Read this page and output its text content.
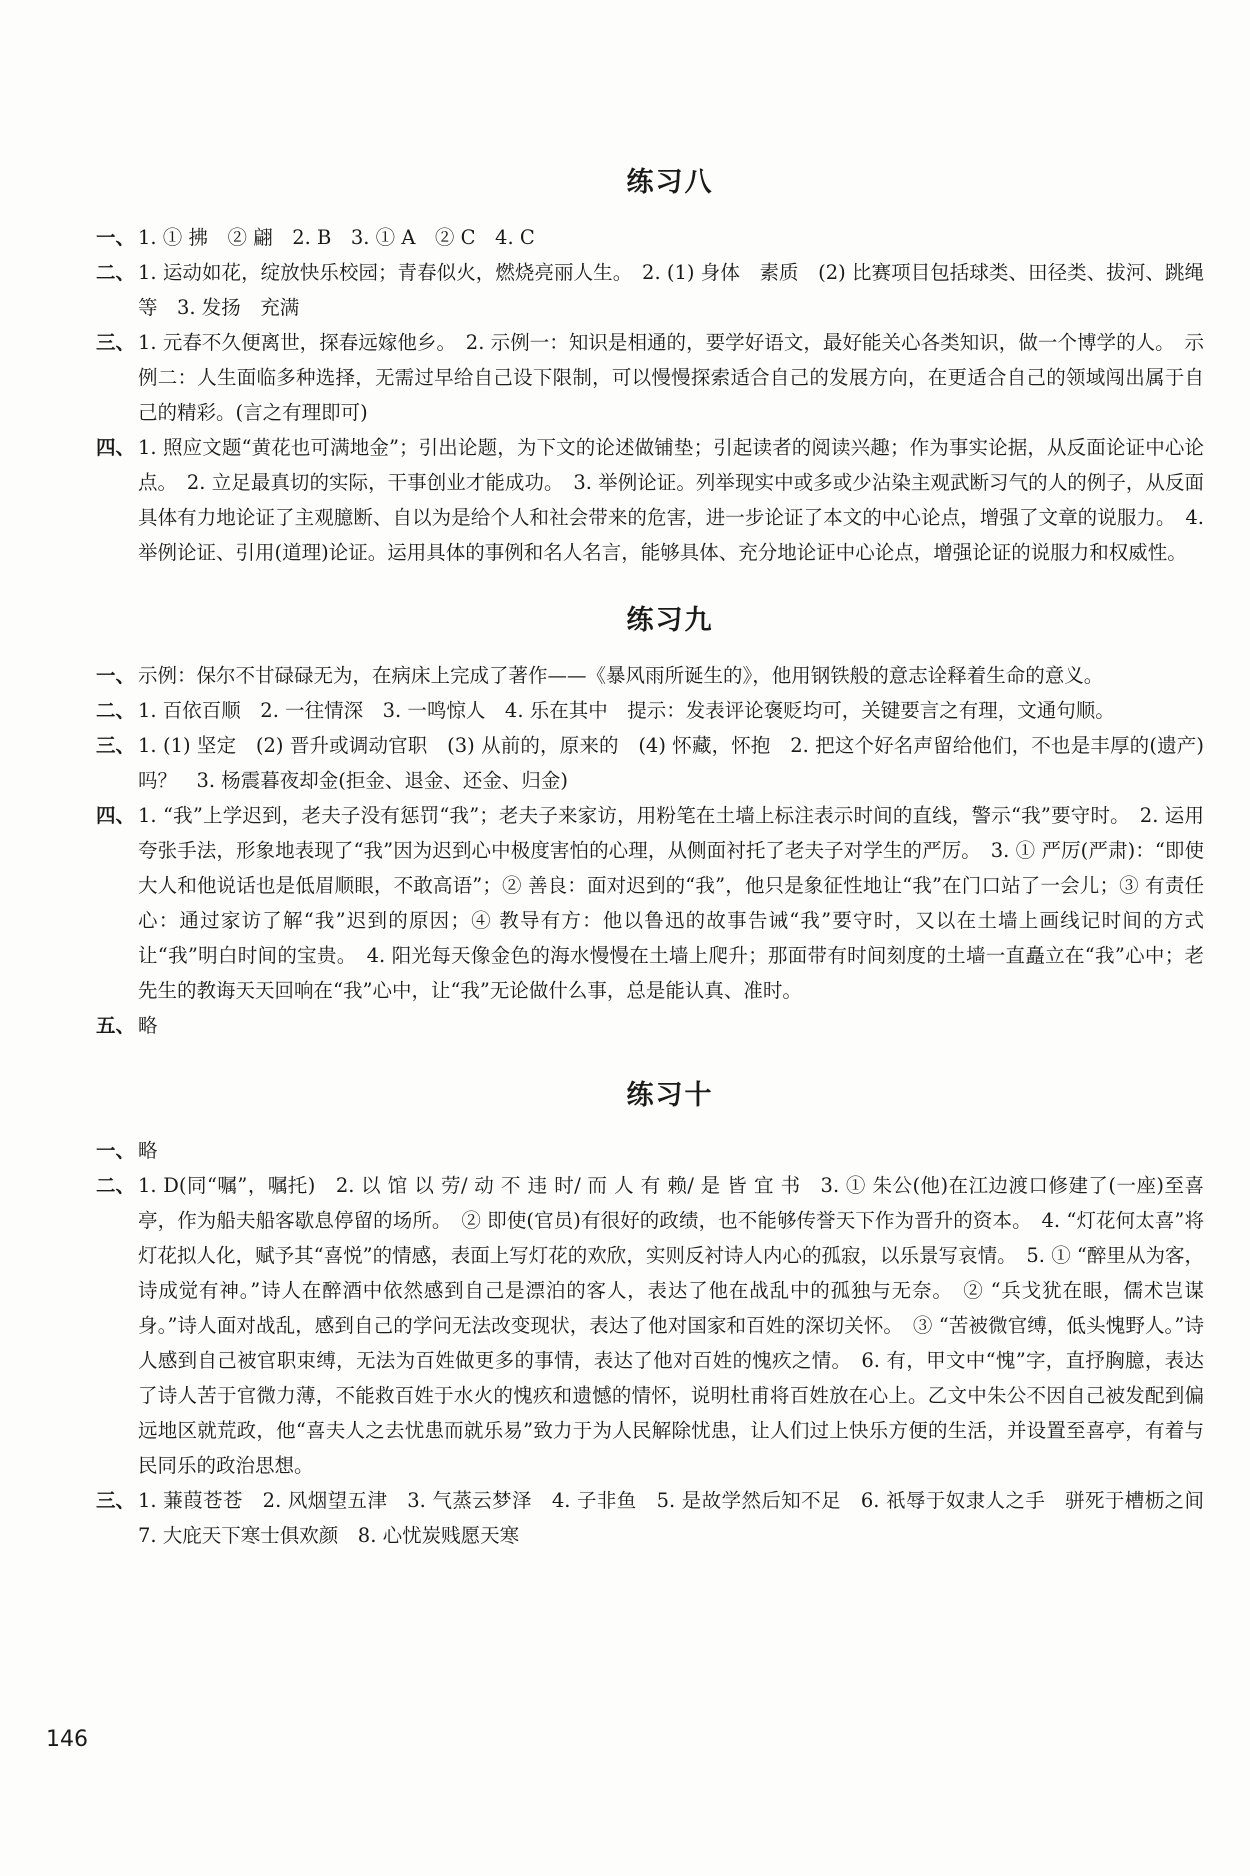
练习八

一、 1. ① 拂　② 翩　2. B　3. ① A　② C　4. C

二、 1. 运动如花，绽放快乐校园；青春似火，燃烧亮丽人生。　2. (1) 身体　素质　(2) 比赛项目包括球类、田径类、拔河、跳绳等　3. 发扬　充满

三、 1. 元春不久便离世，探春远嫁他乡。　2. 示例一：知识是相通的，要学好语文，最好能关心各类知识，做一个博学的人。　示例二：人生面临多种选择，无需过早给自己设下限制，可以慢慢探索适合自己的发展方向，在更适合自己的领域闯出属于自己的精彩。(言之有理即可)

四、 1. 照应文题“黄花也可满地金”；引出论题，为下文的论述做铺垫；引起读者的阅读兴趣；作为事实论据，从反面论证中心论点。　2. 立足最真切的实际，干事创业才能成功。　3. 举例论证。列举现实中或多或少沾染主观武断习气的人的例子，从反面具体有力地论证了主观臆断、自以为是给个人和社会带来的危害，进一步论证了本文的中心论点，增强了文章的说服力。　4. 举例论证、引用(道理)论证。运用具体的事例和名人名言，能够具体、充分地论证中心论点，增强论证的说服力和权威性。

练习九

一、 示例：保尔不甘碌碌无为，在病床上完成了著作——《暴风雨所诞生的》，他用钢铁般的意志诠释着生命的意义。

二、 1. 百依百顺　2. 一往情深　3. 一鸣惊人　4. 乐在其中　提示：发表评论褒贬均可，关键要言之有理，文通句顺。

三、 1. (1) 坚定　(2) 晋升或调动官职　(3) 从前的，原来的　(4) 怀藏，怀抱　2. 把这个好名声留给他们，不也是丰厚的(遗产)吗？　3. 杨震暮夜却金(拒金、退金、还金、归金)

四、 1. “我”上学迟到，老夫子没有惩罚“我”；老夫子来家访，用粉笔在土墙上标注表示时间的直线，警示“我”要守时。　2. 运用夸张手法，形象地表现了“我”因为迟到心中极度害怕的心理，从侧面衬托了老夫子对学生的严厉。　3. ① 严厉(严肃)：“即使大人和他说话也是低眉顺眼，不敢高语”；② 善良：面对迟到的“我”，他只是象征性地让“我”在门口站了一会儿；③ 有责任心：通过家访了解“我”迟到的原因；④ 教导有方：他以鲁迅的故事告诫“我”要守时，又以在土墙上画线记时间的方式让“我”明白时间的宝贵。　4. 阳光每天像金色的海水慢慢在土墙上爬升；那面带有时间刻度的土墙一直矗立在“我”心中；老先生的教诲天天回响在“我”心中，让“我”无论做什么事，总是能认真、准时。

五、 略

练习十

一、 略

二、 1. D(同“嘱”，嘱托)　2. 以 馆 以 劳/ 动 不 违 时/ 而 人 有 赖/ 是 皆 宜 书　3. ① 朱公(他)在江边渡口修建了(一座)至喜亭，作为船夫船客歇息停留的场所。　② 即使(官员)有很好的政绩，也不能够传誉天下作为晋升的资本。　4. “灯花何太喜”将灯花拟人化，赋予其“喜悦”的情感，表面上写灯花的欢欣，实则反衬诗人内心的孤寂，以乐景写哀情。　5. ① “醉里从为客，诗成觉有神。”诗人在醉酒中依然感到自己是漂泊的客人，表达了他在战乱中的孤独与无奈。　② “兵戈犹在眼，儒术岂谋身。”诗人面对战乱，感到自己的学问无法改变现状，表达了他对国家和百姓的深切关怀。　③ “苦被微官缚，低头愧野人。”诗人感到自己被官职束缚，无法为百姓做更多的事情，表达了他对百姓的愧疚之情。　6. 有，甲文中“愧”字，直抒胸臆，表达了诗人苦于官微力薄，不能救百姓于水火的愧疚和遗憾的情怀，说明杜甫将百姓放在心上。乙文中朱公不因自己被发配到偏远地区就荒政，他“喜夫人之去忧患而就乐易”致力于为人民解除忧患，让人们过上快乐方便的生活，并设置至喜亭，有着与民同乐的政治思想。

三、 1. 蒹葭苍苍　2. 风烟望五津　3. 气蒸云梦泽　4. 子非鱼　5. 是故学然后知不足　6. 祇辱于奴隶人之手　骈死于槽枥之间　7. 大庇天下寒士俱欢颜　8. 心忧炭贱愿天寒

146
